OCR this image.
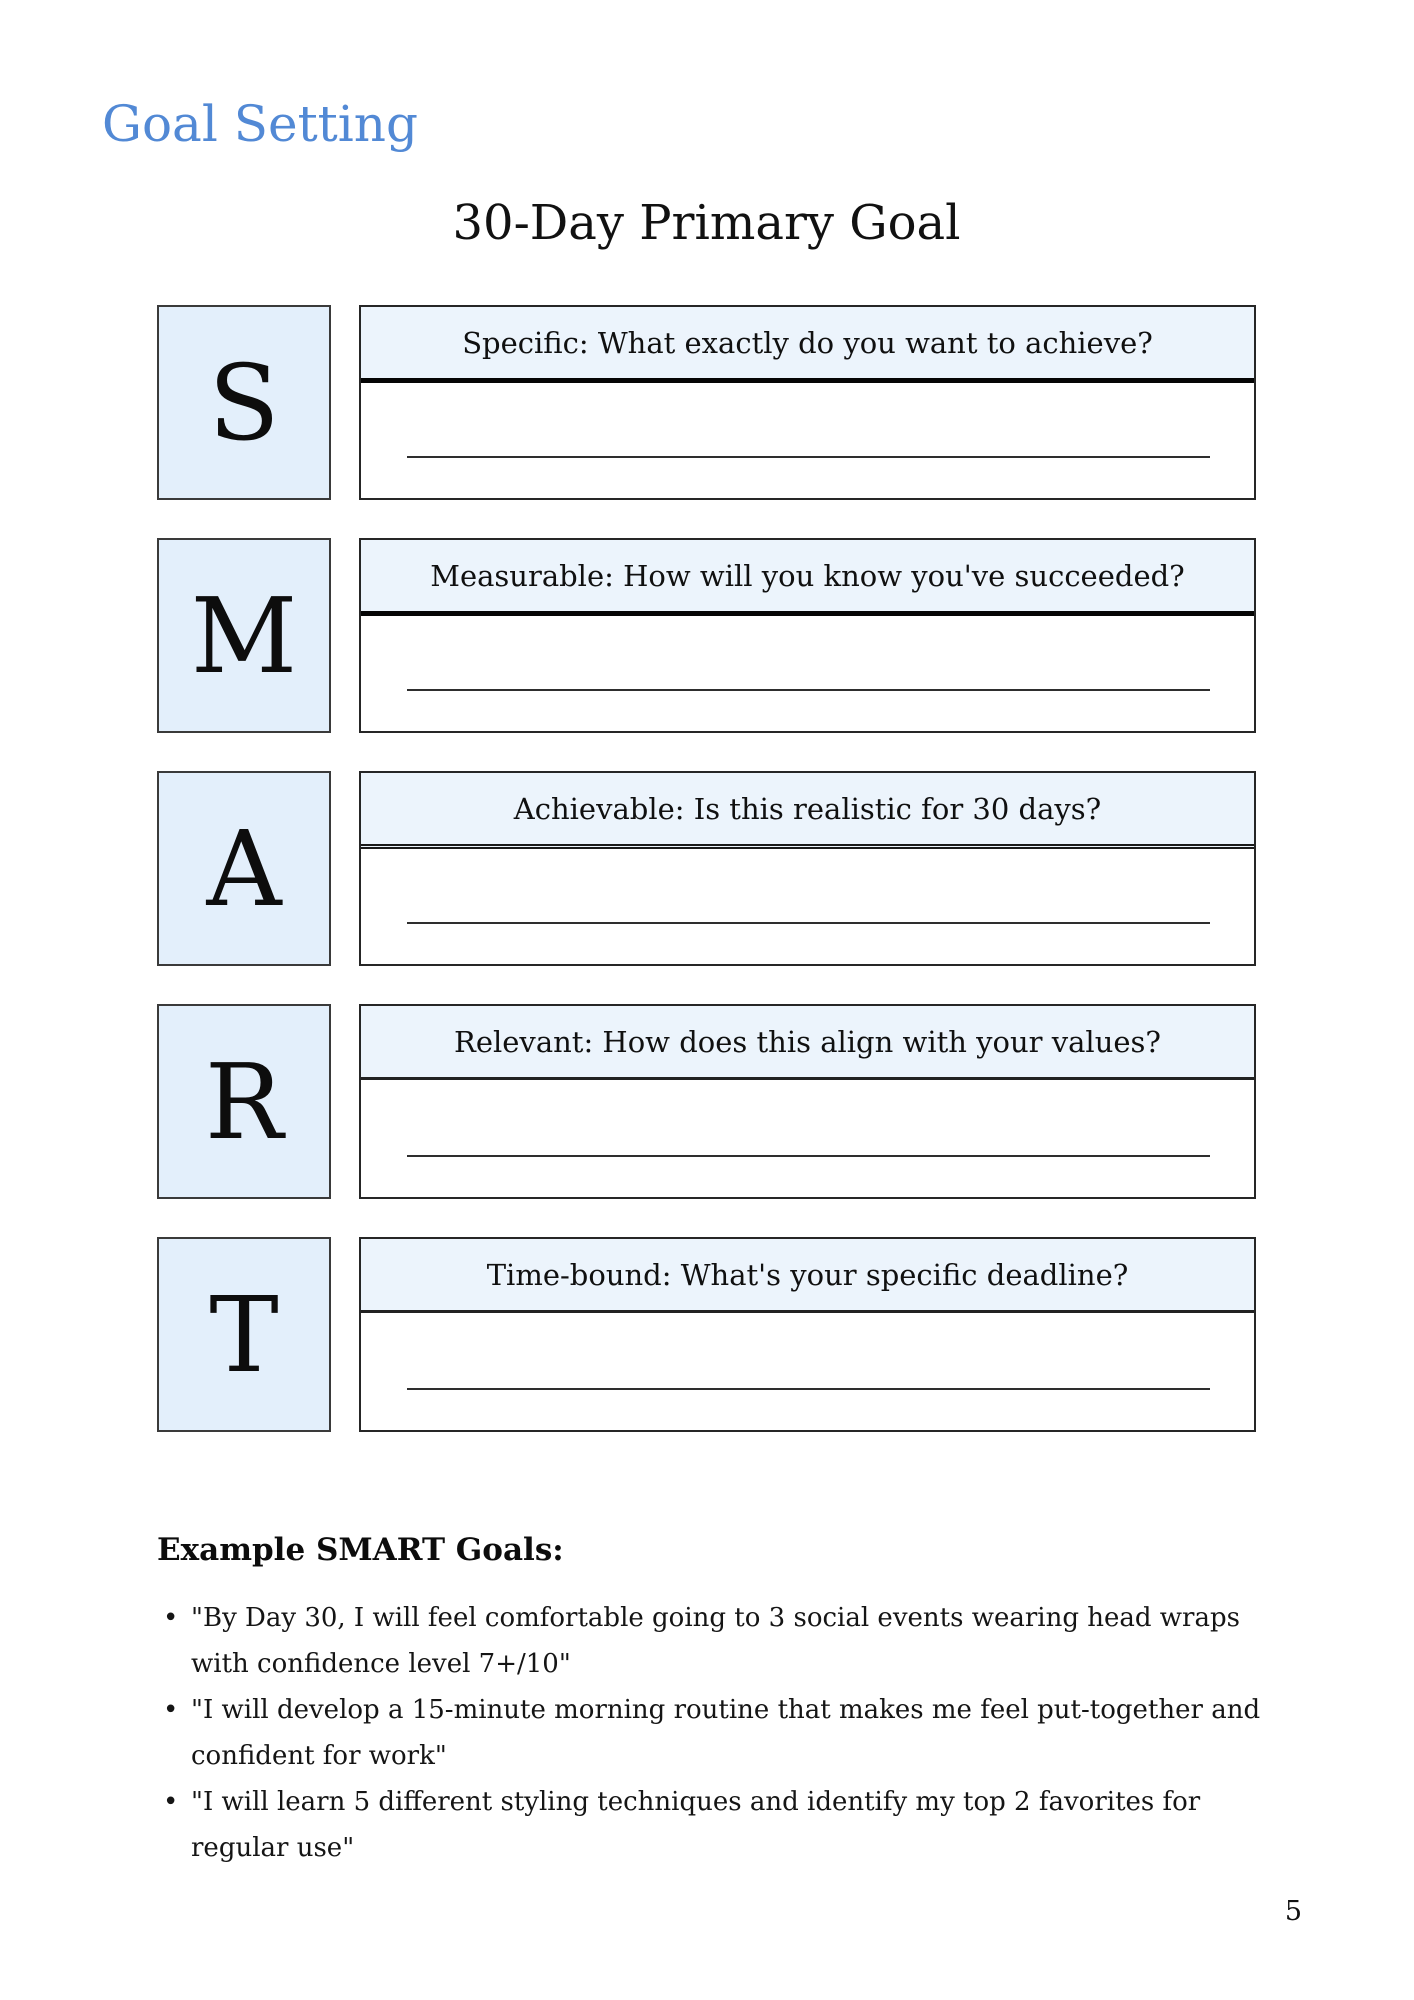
Goal Setting
30-Day Primary Goal
S	Specific: What exactly do you want to achieve?
M	Measurable: How will you know you've succeeded?
A	Achievable: Is this realistic for 30 days?
R	Relevant: How does this align with your values?
T	Time-bound: What's your specific deadline?
Example SMART Goals:
• "By Day 30, I will feel comfortable going to 3 social events wearing head wraps with confidence level 7+/10"
• "I will develop a 15-minute morning routine that makes me feel put-together and confident for work"
• "I will learn 5 different styling techniques and identify my top 2 favorites for regular use"
5
